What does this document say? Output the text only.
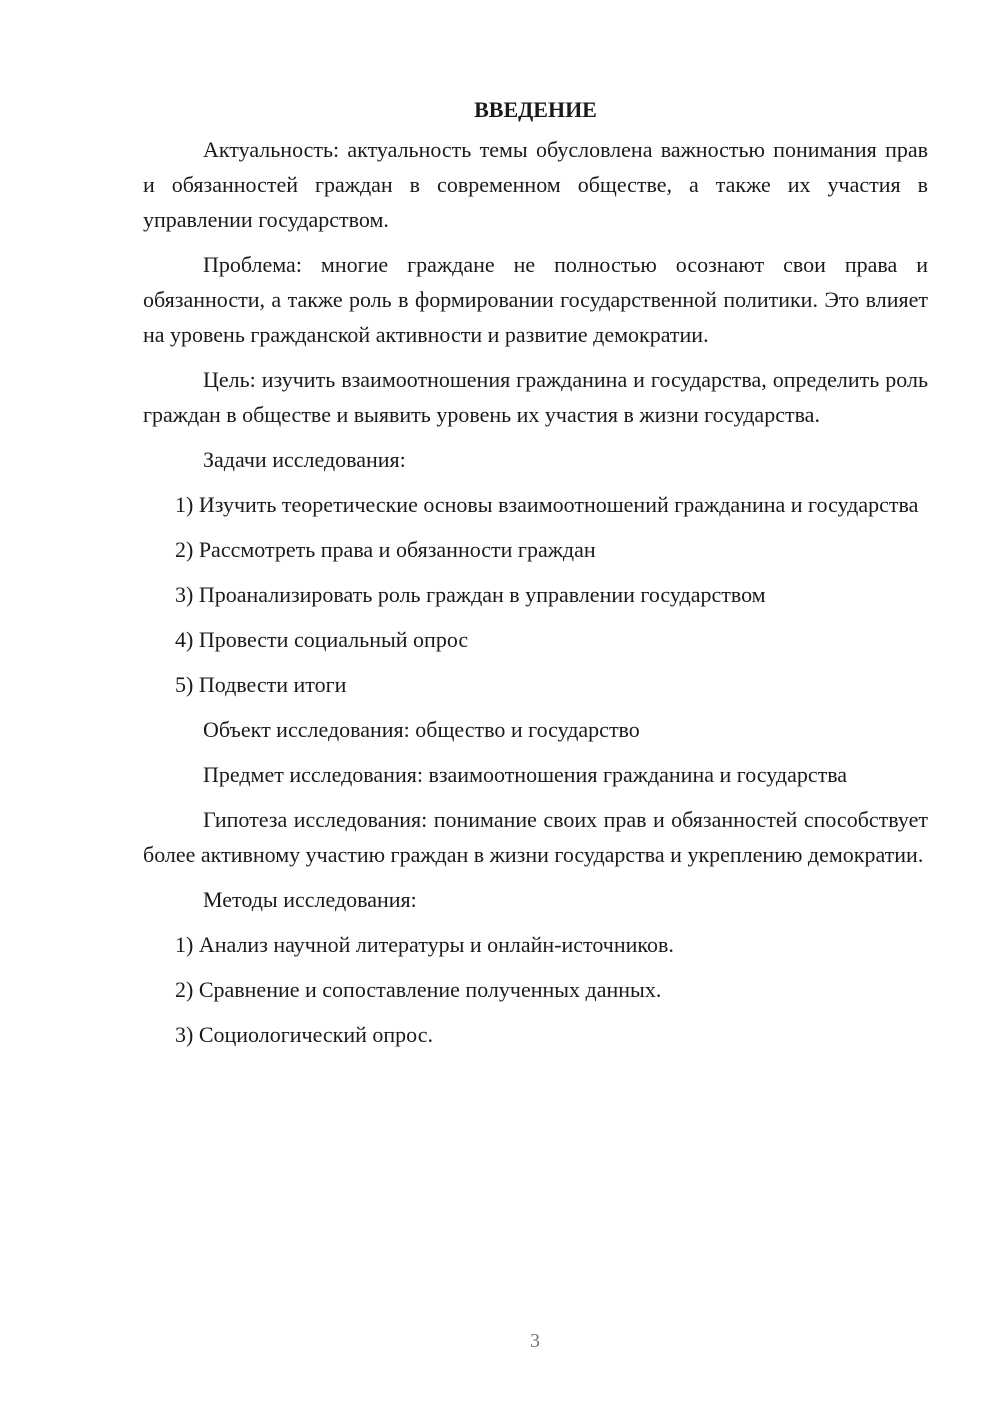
ВВЕДЕНИЕ

Актуальность: актуальность темы обусловлена важностью понимания прав и обязанностей граждан в современном обществе, а также их участия в управлении государством.

Проблема: многие граждане не полностью осознают свои права и обязанности, а также роль в формировании государственной политики. Это влияет на уровень гражданской активности и развитие демократии.

Цель: изучить взаимоотношения гражданина и государства, определить роль граждан в обществе и выявить уровень их участия в жизни государства.

Задачи исследования:

1) Изучить теоретические основы взаимоотношений гражданина и государства

2) Рассмотреть права и обязанности граждан

3) Проанализировать роль граждан в управлении государством

4) Провести социальный опрос

5) Подвести итоги

Объект исследования: общество и государство

Предмет исследования: взаимоотношения гражданина и государства

Гипотеза исследования: понимание своих прав и обязанностей способствует более активному участию граждан в жизни государства и укреплению демократии.

Методы исследования:

1) Анализ научной литературы и онлайн-источников.

2) Сравнение и сопоставление полученных данных.

3) Социологический опрос.

3
